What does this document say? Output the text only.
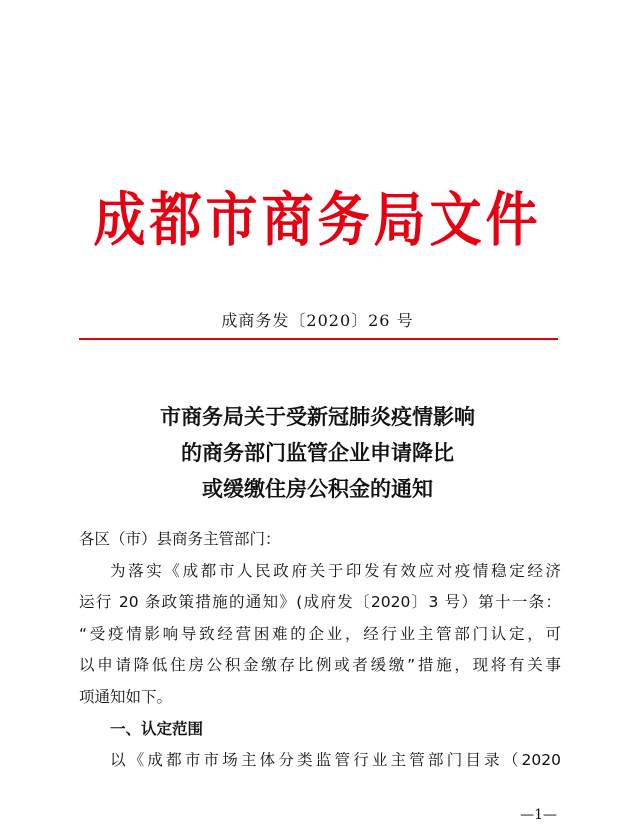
成都市商务局文件
成商务发〔2020〕26 号
市商务局关于受新冠肺炎疫情影响
的商务部门监管企业申请降比
或缓缴住房公积金的通知
各区（市）县商务主管部门：
为落实《成都市人民政府关于印发有效应对疫情稳定经济
运行 20 条政策措施的通知》(成府发〔2020〕3 号）第十一条：
“受疫情影响导致经营困难的企业，经行业主管部门认定，可
以申请降低住房公积金缴存比例或者缓缴”措施，现将有关事
项通知如下。
一、认定范围
以《成都市市场主体分类监管行业主管部门目录（2020
—1—
